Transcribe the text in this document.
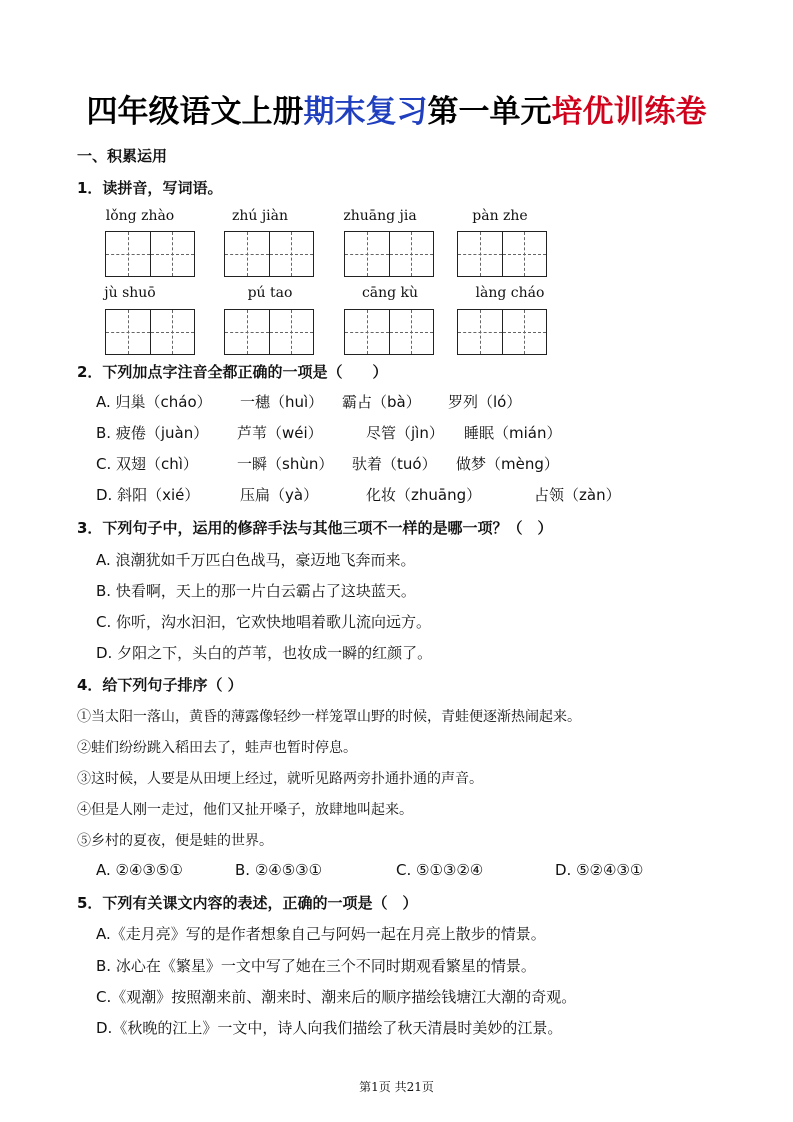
四年级语文上册期末复习第一单元培优训练卷
一、积累运用
1．读拼音，写词语。
lǒng zhào	zhú jiàn	zhuāng jia	pàn zhe
jù shuō	pú tao	cāng kù	làng cháo
2．下列加点字注音全都正确的一项是（　　）
A. 归巢（cháo） 一穗（huì） 霸占（bà） 罗列（ló）
B. 疲倦（juàn） 芦苇（wéi）	尽管（jìn） 睡眠（mián）
C. 双翅（chì）	一瞬（shùn） 驮着（tuó） 做梦（mèng）
D. 斜阳（xié）	压扁（yà）	化妆（zhuāng）	占领（zàn）
3．下列句子中，运用的修辞手法与其他三项不一样的是哪一项？（　）
A. 浪潮犹如千万匹白色战马，豪迈地飞奔而来。
B. 快看啊，天上的那一片白云霸占了这块蓝天。
C. 你听，沟水汩汩，它欢快地唱着歌儿流向远方。
D. 夕阳之下，头白的芦苇，也妆成一瞬的红颜了。
4．给下列句子排序（ ）
①当太阳一落山，黄昏的薄露像轻纱一样笼罩山野的时候，青蛙便逐渐热闹起来。
②蛙们纷纷跳入稻田去了，蛙声也暂时停息。
③这时候，人要是从田埂上经过，就听见路两旁扑通扑通的声音。
④但是人刚一走过，他们又扯开嗓子，放肆地叫起来。
⑤乡村的夏夜，便是蛙的世界。
A. ②④③⑤①	B. ②④⑤③①	C. ⑤①③②④	D. ⑤②④③①
5．下列有关课文内容的表述，正确的一项是（　）
A.《走月亮》写的是作者想象自己与阿妈一起在月亮上散步的情景。
B. 冰心在《繁星》一文中写了她在三个不同时期观看繁星的情景。
C.《观潮》按照潮来前、潮来时、潮来后的顺序描绘钱塘江大潮的奇观。
D.《秋晚的江上》一文中，诗人向我们描绘了秋天清晨时美妙的江景。
第1页 共21页
